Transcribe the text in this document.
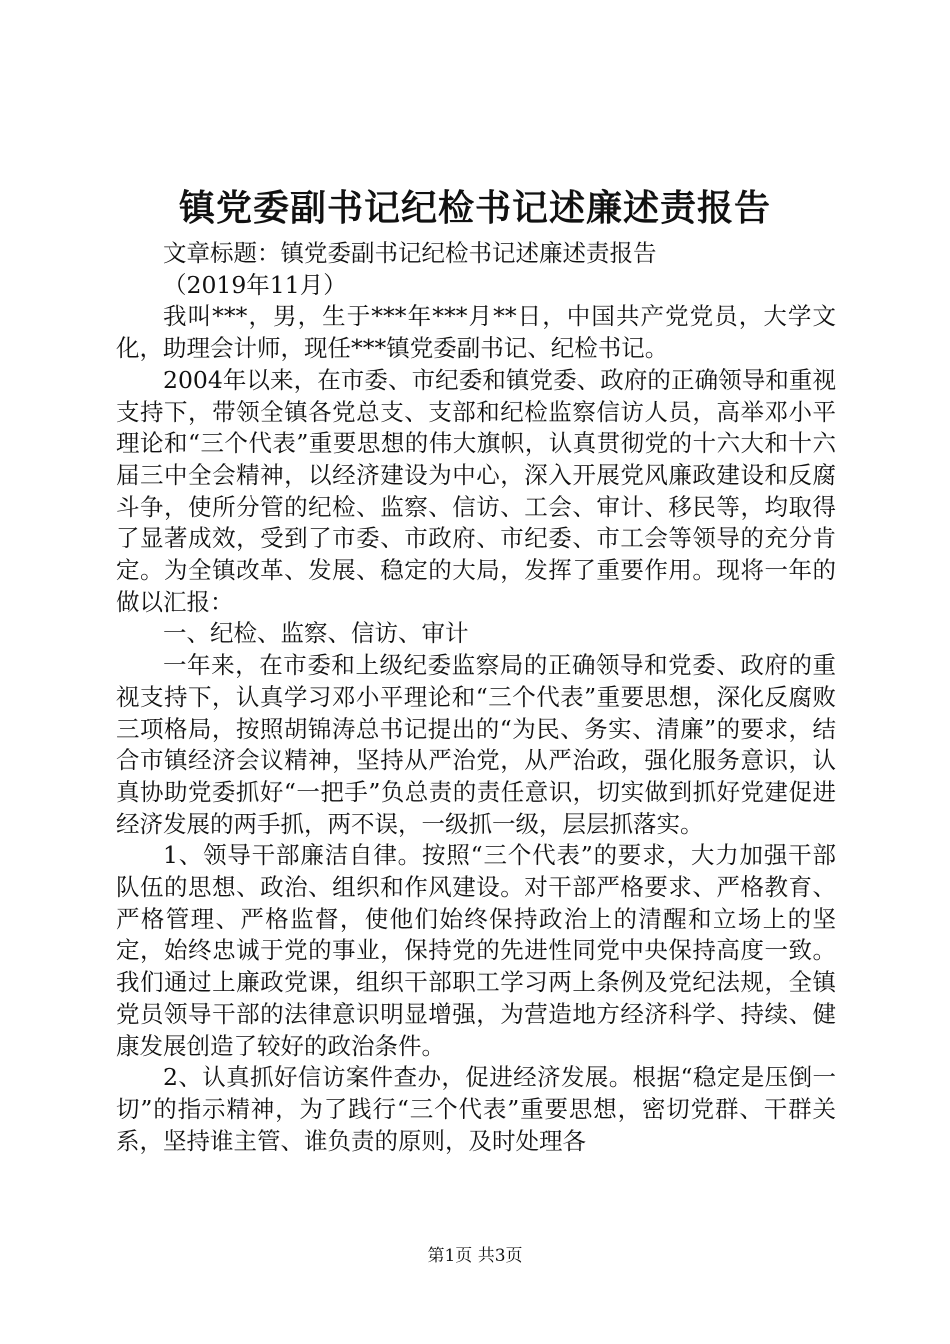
镇党委副书记纪检书记述廉述责报告

文章标题：镇党委副书记纪检书记述廉述责报告

（2019年11月）

我叫***，男，生于***年***月**日，中国共产党党员，大学文化，助理会计师，现任***镇党委副书记、纪检书记。

2004年以来，在市委、市纪委和镇党委、政府的正确领导和重视支持下，带领全镇各党总支、支部和纪检监察信访人员，高举邓小平理论和“三个代表”重要思想的伟大旗帜，认真贯彻党的十六大和十六届三中全会精神，以经济建设为中心，深入开展党风廉政建设和反腐斗争，使所分管的纪检、监察、信访、工会、审计、移民等，均取得了显著成效，受到了市委、市政府、市纪委、市工会等领导的充分肯定。为全镇改革、发展、稳定的大局，发挥了重要作用。现将一年的做以汇报：

一、纪检、监察、信访、审计

一年来，在市委和上级纪委监察局的正确领导和党委、政府的重视支持下，认真学习邓小平理论和“三个代表”重要思想，深化反腐败三项格局，按照胡锦涛总书记提出的“为民、务实、清廉”的要求，结合市镇经济会议精神，坚持从严治党，从严治政，强化服务意识，认真协助党委抓好“一把手”负总责的责任意识，切实做到抓好党建促进经济发展的两手抓，两不误，一级抓一级，层层抓落实。

1、领导干部廉洁自律。按照“三个代表”的要求，大力加强干部队伍的思想、政治、组织和作风建设。对干部严格要求、严格教育、严格管理、严格监督，使他们始终保持政治上的清醒和立场上的坚定，始终忠诚于党的事业，保持党的先进性同党中央保持高度一致。我们通过上廉政党课，组织干部职工学习两上条例及党纪法规，全镇党员领导干部的法律意识明显增强，为营造地方经济科学、持续、健康发展创造了较好的政治条件。

2、认真抓好信访案件查办，促进经济发展。根据“稳定是压倒一切”的指示精神，为了践行“三个代表”重要思想，密切党群、干群关系，坚持谁主管、谁负责的原则，及时处理各

第1页 共3页
